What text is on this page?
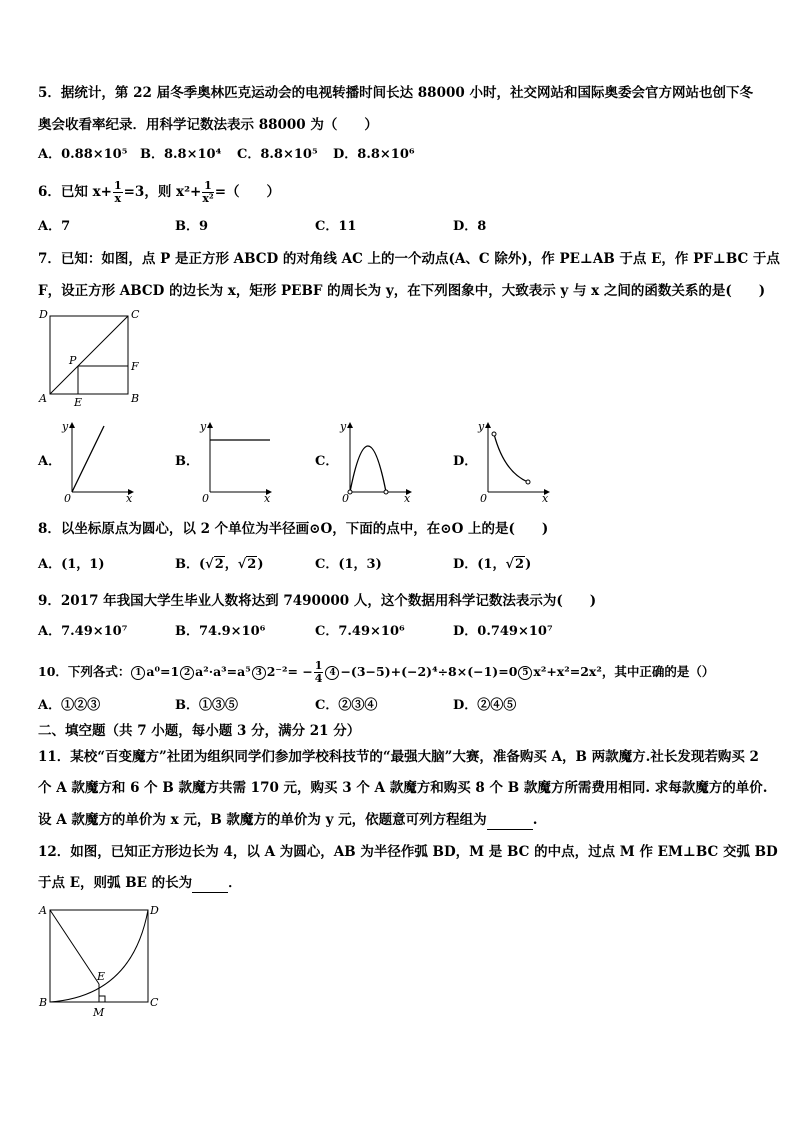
5．据统计，第 22 届冬季奥林匹克运动会的电视转播时间长达 88000 小时，社交网站和国际奥委会官方网站也创下冬
奥会收看率纪录．用科学记数法表示 88000 为（　　）
A．0.88×10⁵ B．8.8×10⁴ C．8.8×10⁵ D．8.8×10⁶
6．已知 $x+ \frac{1}{x} =3$，则 $x^2+ \frac{1}{\text{x²}}$ =（　　）
A．7	B．9	C．11	D．8
7．已知：如图，点 P 是正方形 ABCD 的对角线 AC 上的一个动点(A、C 除外)，作 PE⊥AB 于点 E，作 PF⊥BC 于点
F，设正方形 ABCD 的边长为 x，矩形 PEBF 的周长为 y，在下列图象中，大致表示 y 与 x 之间的函数关系的是(　　)
D	C
P	F
A E	B
A．
y
x
0
B．
y
x
0
C．
y
x
0
D．
y
x
0
8．以坐标原点为圆心，以 2 个单位为半径画⊙O，下面的点中，在⊙O 上的是(　　)
A．(1，1)	B．(√2，√2)	C．(1，3)	D．(1，√2)
9．2017 年我国大学生毕业人数将达到 7490000 人，这个数据用科学记数法表示为(　　)
A．7.49×10⁷	B．74.9×10⁶	C．7.49×10⁶	D．0.749×10⁷
10．下列各式： 1 a⁰=1 2 a²·a³=a⁵ 3 $2^{-2}= - \frac{1}{4} 4 -(3-5)+(-2)^4\div 8\times(-1)=0$ 5 x²+x²=2x²，其中正确的是（）
A．①②③	B．①③⑤	C．②③④	D．②④⑤
二、填空题（共 7 小题，每小题 3 分，满分 21 分）
11．某校“百变魔方”社团为组织同学们参加学校科技节的“最强大脑”大赛，准备购买 A，B 两款魔方.社长发现若购买 2
个 A 款魔方和 6 个 B 款魔方共需 170 元，购买 3 个 A 款魔方和购买 8 个 B 款魔方所需费用相同. 求每款魔方的单价.
设 A 款魔方的单价为 x 元，B 款魔方的单价为 y 元，依题意可列方程组为	.
12．如图，已知正方形边长为 4，以 A 为圆心，AB 为半径作弧 BD，M 是 BC 的中点，过点 M 作 EM⊥BC 交弧 BD
于点 E，则弧 BE 的长为	．
A	D
E
B
M
C
